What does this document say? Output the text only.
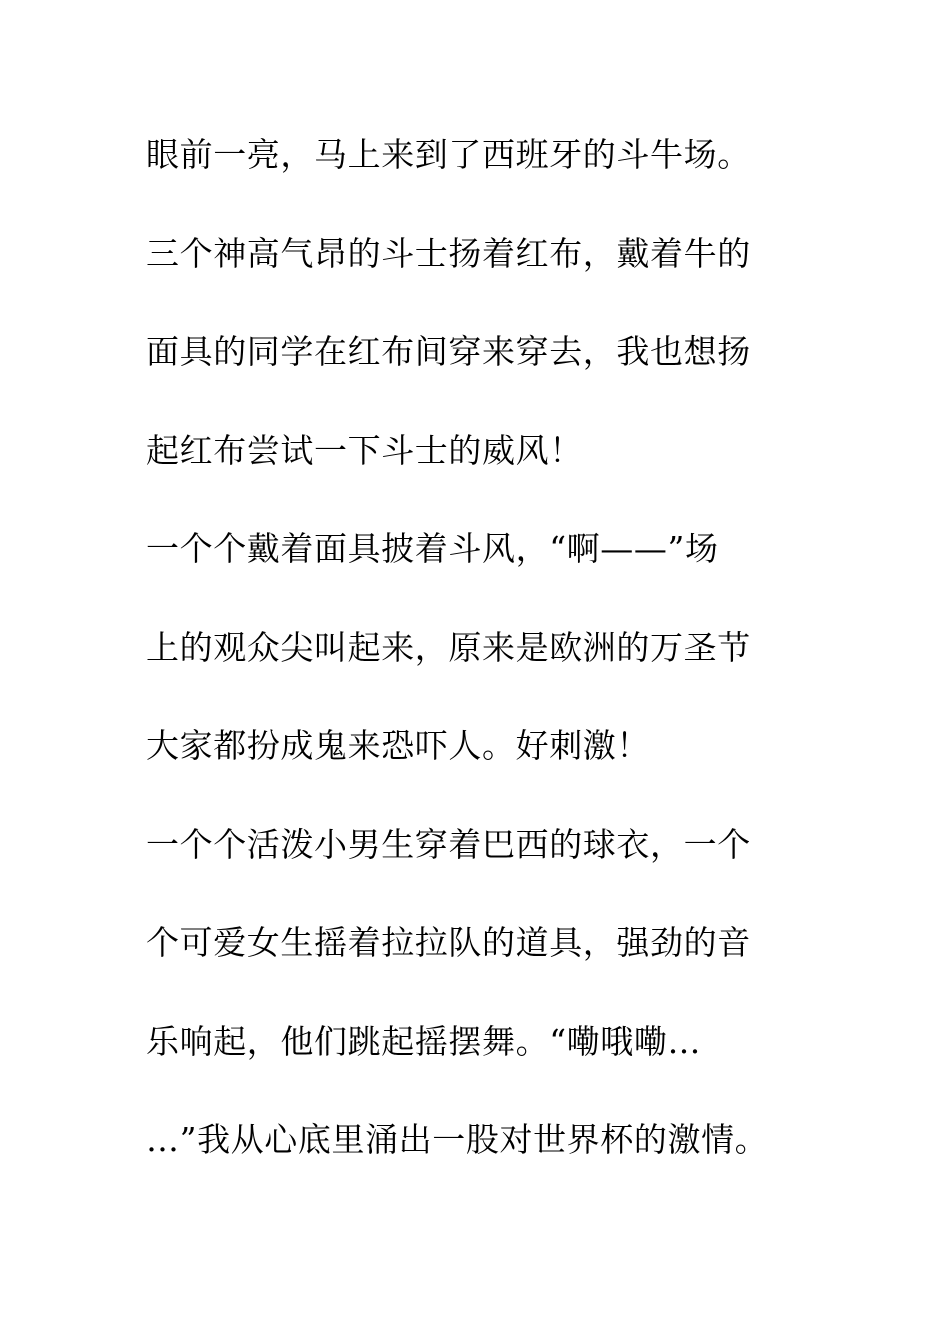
眼前一亮，马上来到了西班牙的斗牛场。
三个神高气昂的斗士扬着红布，戴着牛的
面具的同学在红布间穿来穿去，我也想扬
起红布尝试一下斗士的威风！
一个个戴着面具披着斗风，“啊——”场
上的观众尖叫起来，原来是欧洲的万圣节
大家都扮成鬼来恐吓人。好刺激！
一个个活泼小男生穿着巴西的球衣，一个
个可爱女生摇着拉拉队的道具，强劲的音
乐响起，他们跳起摇摆舞。“嘞哦嘞…
…”我从心底里涌出一股对世界杯的激情。
